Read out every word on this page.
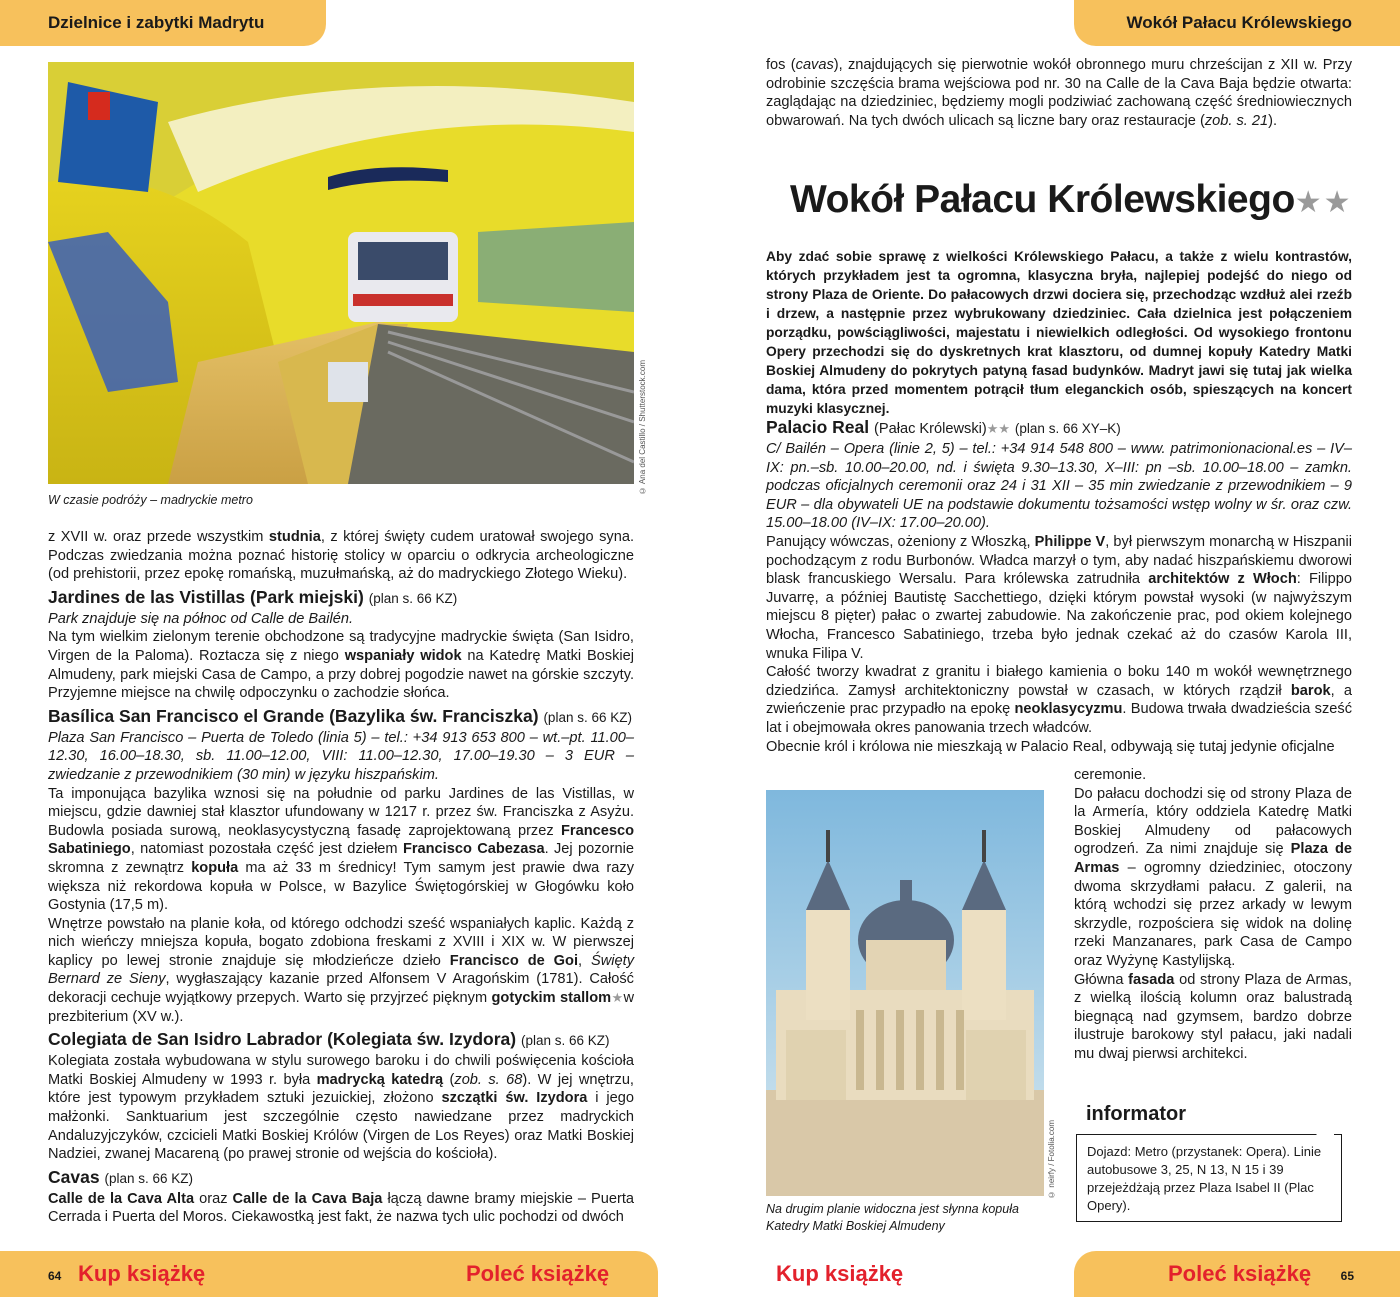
Dzielnice i zabytki Madrytu	Wokół Pałacu Królewskiego
© Ana del Castillo / Shutterstock.com
W czasie podróży – madryckie metro

z XVII w. oraz przede wszystkim studnia, z której święty cudem uratował swojego syna. Podczas zwiedzania można poznać historię stolicy w oparciu o odkrycia archeologiczne (od prehistorii, przez epokę romańską, muzułmańską, aż do madryckiego Złotego Wieku).

Jardines de las Vistillas (Park miejski) (plan s. 66 KZ)

Park znajduje się na północ od Calle de Bailén.

Na tym wielkim zielonym terenie obchodzone są tradycyjne madryckie święta (San Isidro, Virgen de la Paloma). Roztacza się z niego wspaniały widok na Katedrę Matki Boskiej Almudeny, park miejski Casa de Campo, a przy dobrej pogodzie nawet na górskie szczyty. Przyjemne miejsce na chwilę odpoczynku o zachodzie słońca.

Basílica San Francisco el Grande (Bazylika św. Franciszka) (plan s. 66 KZ)

Plaza San Francisco – Puerta de Toledo (linia 5) – tel.: +34 913 653 800 – wt.–pt. 11.00–12.30, 16.00–18.30, sb. 11.00–12.00, VIII: 11.00–12.30, 17.00–19.30 – 3 EUR – zwiedzanie z przewodnikiem (30 min) w języku hiszpańskim.

Ta imponująca bazylika wznosi się na południe od parku Jardines de las Vistillas, w miejscu, gdzie dawniej stał klasztor ufundowany w 1217 r. przez św. Franciszka z Asyżu. Budowla posiada surową, neoklasycystyczną fasadę zaprojektowaną przez Francesco Sabatiniego, natomiast pozostała część jest dziełem Francisco Cabezasa. Jej pozornie skromna z zewnątrz kopuła ma aż 33 m średnicy! Tym samym jest prawie dwa razy większa niż rekordowa kopuła w Polsce, w Bazylice Świętogórskiej w Głogówku koło Gostynia (17,5 m).

Wnętrze powstało na planie koła, od którego odchodzi sześć wspaniałych kaplic. Każdą z nich wieńczy mniejsza kopuła, bogato zdobiona freskami z XVIII i XIX w. W pierwszej kaplicy po lewej stronie znajduje się młodzieńcze dzieło Francisco de Goi, Święty Bernard ze Sieny, wygłaszający kazanie przed Alfonsem V Aragońskim (1781). Całość dekoracji cechuje wyjątkowy przepych. Warto się przyjrzeć pięknym gotyckim stallom★w prezbiterium (XV w.).

Colegiata de San Isidro Labrador (Kolegiata św. Izydora) (plan s. 66 KZ)

Kolegiata została wybudowana w stylu surowego baroku i do chwili poświęcenia kościoła Matki Boskiej Almudeny w 1993 r. była madrycką katedrą (zob. s. 68). W jej wnętrzu, które jest typowym przykładem sztuki jezuickiej, złożono szczątki św. Izydora i jego małżonki. Sanktuarium jest szczególnie często nawiedzane przez madryckich Andaluzyjczyków, czcicieli Matki Boskiej Królów (Virgen de Los Reyes) oraz Matki Boskiej Nadziei, zwanej Macareną (po prawej stronie od wejścia do kościoła).

Cavas (plan s. 66 KZ)

Calle de la Cava Alta oraz Calle de la Cava Baja łączą dawne bramy miejskie – Puerta Cerrada i Puerta del Moros. Ciekawostką jest fakt, że nazwa tych ulic pochodzi od dwóch

fos (cavas), znajdujących się pierwotnie wokół obronnego muru chrześcijan z XII w. Przy odrobinie szczęścia brama wejściowa pod nr. 30 na Calle de la Cava Baja będzie otwarta: zaglądając na dziedziniec, będziemy mogli podziwiać zachowaną część średniowiecznych obwarowań. Na tych dwóch ulicach są liczne bary oraz restauracje (zob. s. 21).

Wokół Pałacu Królewskiego★★
Aby zdać sobie sprawę z wielkości Królewskiego Pałacu, a także z wielu kontrastów, których przykładem jest ta ogromna, klasyczna bryła, najlepiej podejść do niego od strony Plaza de Oriente. Do pałacowych drzwi dociera się, przechodząc wzdłuż alei rzeźb i drzew, a następnie przez wybrukowany dziedziniec. Cała dzielnica jest połączeniem porządku, powściągliwości, majestatu i niewielkich odległości. Od wysokiego frontonu Opery przechodzi się do dyskretnych krat klasztoru, od dumnej kopuły Katedry Matki Boskiej Almudeny do pokrytych patyną fasad budynków. Madryt jawi się tutaj jak wielka dama, która przed momentem potrącił tłum eleganckich osób, spieszących na koncert muzyki klasycznej.
Palacio Real (Pałac Królewski)★★ (plan s. 66 XY–K)

C/ Bailén – Opera (linie 2, 5) – tel.: +34 914 548 800 – www. patrimonionacional.es – IV–IX: pn.–sb. 10.00–20.00, nd. i święta 9.30–13.30, X–III: pn –sb. 10.00–18.00 – zamkn. podczas oficjalnych ceremonii oraz 24 i 31 XII – 35 min zwiedzanie z przewodnikiem – 9 EUR – dla obywateli UE na podstawie dokumentu tożsamości wstęp wolny w śr. oraz czw. 15.00–18.00 (IV–IX: 17.00–20.00).

Panujący wówczas, ożeniony z Włoszką, Philippe V, był pierwszym monarchą w Hiszpanii pochodzącym z rodu Burbonów. Władca marzył o tym, aby nadać hiszpańskiemu dworowi blask francuskiego Wersalu. Para królewska zatrudniła architektów z Włoch: Filippo Juvarrę, a później Bautistę Sacchettiego, dzięki którym powstał wysoki (w najwyższym miejscu 8 pięter) pałac o zwartej zabudowie. Na zakończenie prac, pod okiem kolejnego Włocha, Francesco Sabatiniego, trzeba było jednak czekać aż do czasów Karola III, wnuka Filipa V.

Całość tworzy kwadrat z granitu i białego kamienia o boku 140 m wokół wewnętrznego dziedzińca. Zamysł architektoniczny powstał w czasach, w których rządził barok, a zwieńczenie prac przypadło na epokę neoklasycyzmu. Budowa trwała dwadzieścia sześć lat i obejmowała okres panowania trzech władców.

Obecnie król i królowa nie mieszkają w Palacio Real, odbywają się tutaj jedynie oficjalne

© neirfy / Fotolia.com
Na drugim planie widoczna jest słynna kopuła Katedry Matki Boskiej Almudeny

ceremonie.

Do pałacu dochodzi się od strony Plaza de la Armería, który oddziela Katedrę Matki Boskiej Almudeny od pałacowych ogrodzeń. Za nimi znajduje się Plaza de Armas – ogromny dziedziniec, otoczony dwoma skrzydłami pałacu. Z galerii, na którą wchodzi się przez arkady w lewym skrzydle, rozpościera się widok na dolinę rzeki Manzanares, park Casa de Campo oraz Wyżynę Kastylijską.

Główna fasada od strony Plaza de Armas, z wielką ilością kolumn oraz balustradą biegnącą nad gzymsem, bardzo dobrze ilustruje barokowy styl pałacu, jaki nadali mu dwaj pierwsi architekci.

informator
Dojazd: Metro (przystanek: Opera). Linie autobusowe 3, 25, N 13, N 15 i 39 przejeżdżają przez Plaza Isabel II (Plac Opery).
64	65
Kup książkę	Poleć książkę	Kup książkę	Poleć książkę
